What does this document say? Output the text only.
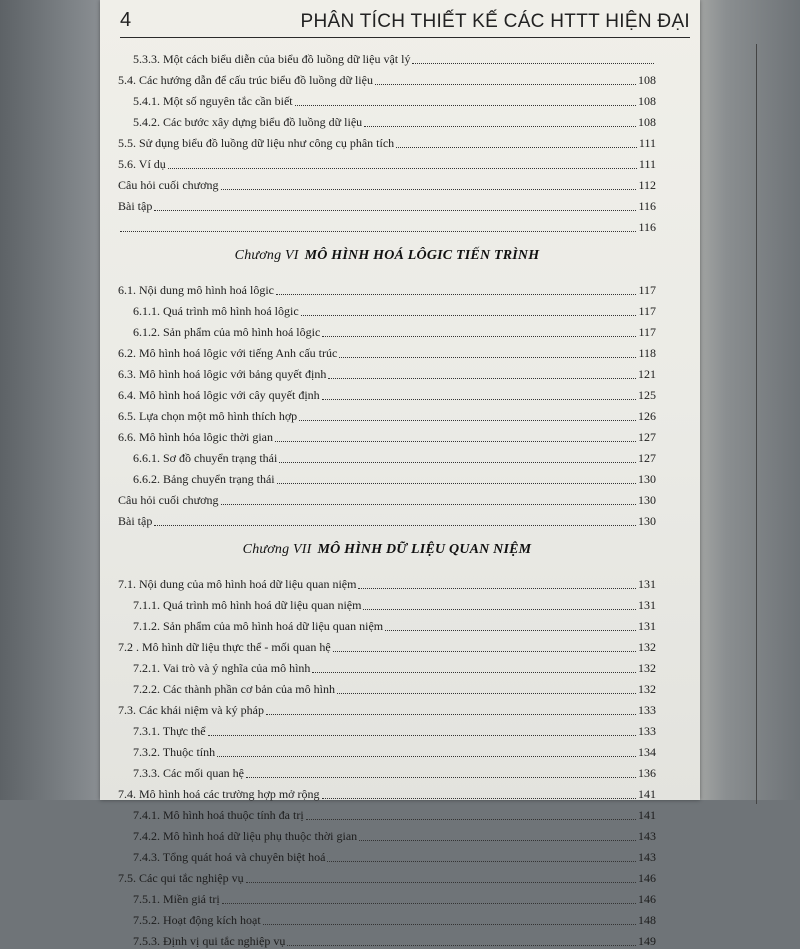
4	PHÂN TÍCH THIẾT KẾ CÁC HTTT HIỆN ĐẠI
5.3.3. Một cách biểu diễn của biểu đồ luồng dữ liệu vật lý
5.4. Các hướng dẫn để cấu trúc biểu đồ luồng dữ liệu	108
5.4.1. Một số nguyên tắc cần biết	108
5.4.2. Các bước xây dựng biểu đồ luồng dữ liệu	108
5.5. Sử dụng biểu đồ luồng dữ liệu như công cụ phân tích	111
5.6. Ví dụ	111
Câu hỏi cuối chương	112
Bài tập	116
116
Chương VI MÔ HÌNH HOÁ LÔGIC TIẾN TRÌNH
6.1. Nội dung mô hình hoá lôgic	117
6.1.1. Quá trình mô hình hoá lôgic	117
6.1.2. Sản phẩm của mô hình hoá lôgic	117
6.2. Mô hình hoá lôgic với tiếng Anh cấu trúc	118
6.3. Mô hình hoá lôgic với bảng quyết định	121
6.4. Mô hình hoá lôgic với cây quyết định	125
6.5. Lựa chọn một mô hình thích hợp	126
6.6. Mô hình hóa lôgic thời gian	127
6.6.1. Sơ đồ chuyển trạng thái	127
6.6.2. Bảng chuyển trạng thái	130
Câu hỏi cuối chương	130
Bài tập	130
Chương VII MÔ HÌNH DỮ LIỆU QUAN NIỆM
7.1. Nội dung của mô hình hoá dữ liệu quan niệm	131
7.1.1. Quá trình mô hình hoá dữ liệu quan niệm	131
7.1.2. Sản phẩm của mô hình hoá dữ liệu quan niệm	131
7.2 . Mô hình dữ liệu thực thể - mối quan hệ	132
7.2.1. Vai trò và ý nghĩa của mô hình	132
7.2.2. Các thành phần cơ bản của mô hình	132
7.3. Các khái niệm và ký pháp	133
7.3.1. Thực thể	133
7.3.2. Thuộc tính	134
7.3.3. Các mối quan hệ	136
7.4. Mô hình hoá các trường hợp mở rộng	141
7.4.1. Mô hình hoá thuộc tính đa trị	141
7.4.2. Mô hình hoá dữ liệu phụ thuộc thời gian	143
7.4.3. Tổng quát hoá và chuyên biệt hoá	143
7.5. Các qui tắc nghiệp vụ	146
7.5.1. Miền giá trị	146
7.5.2. Hoạt động kích hoạt	148
7.5.3. Định vị qui tắc nghiệp vụ	149
